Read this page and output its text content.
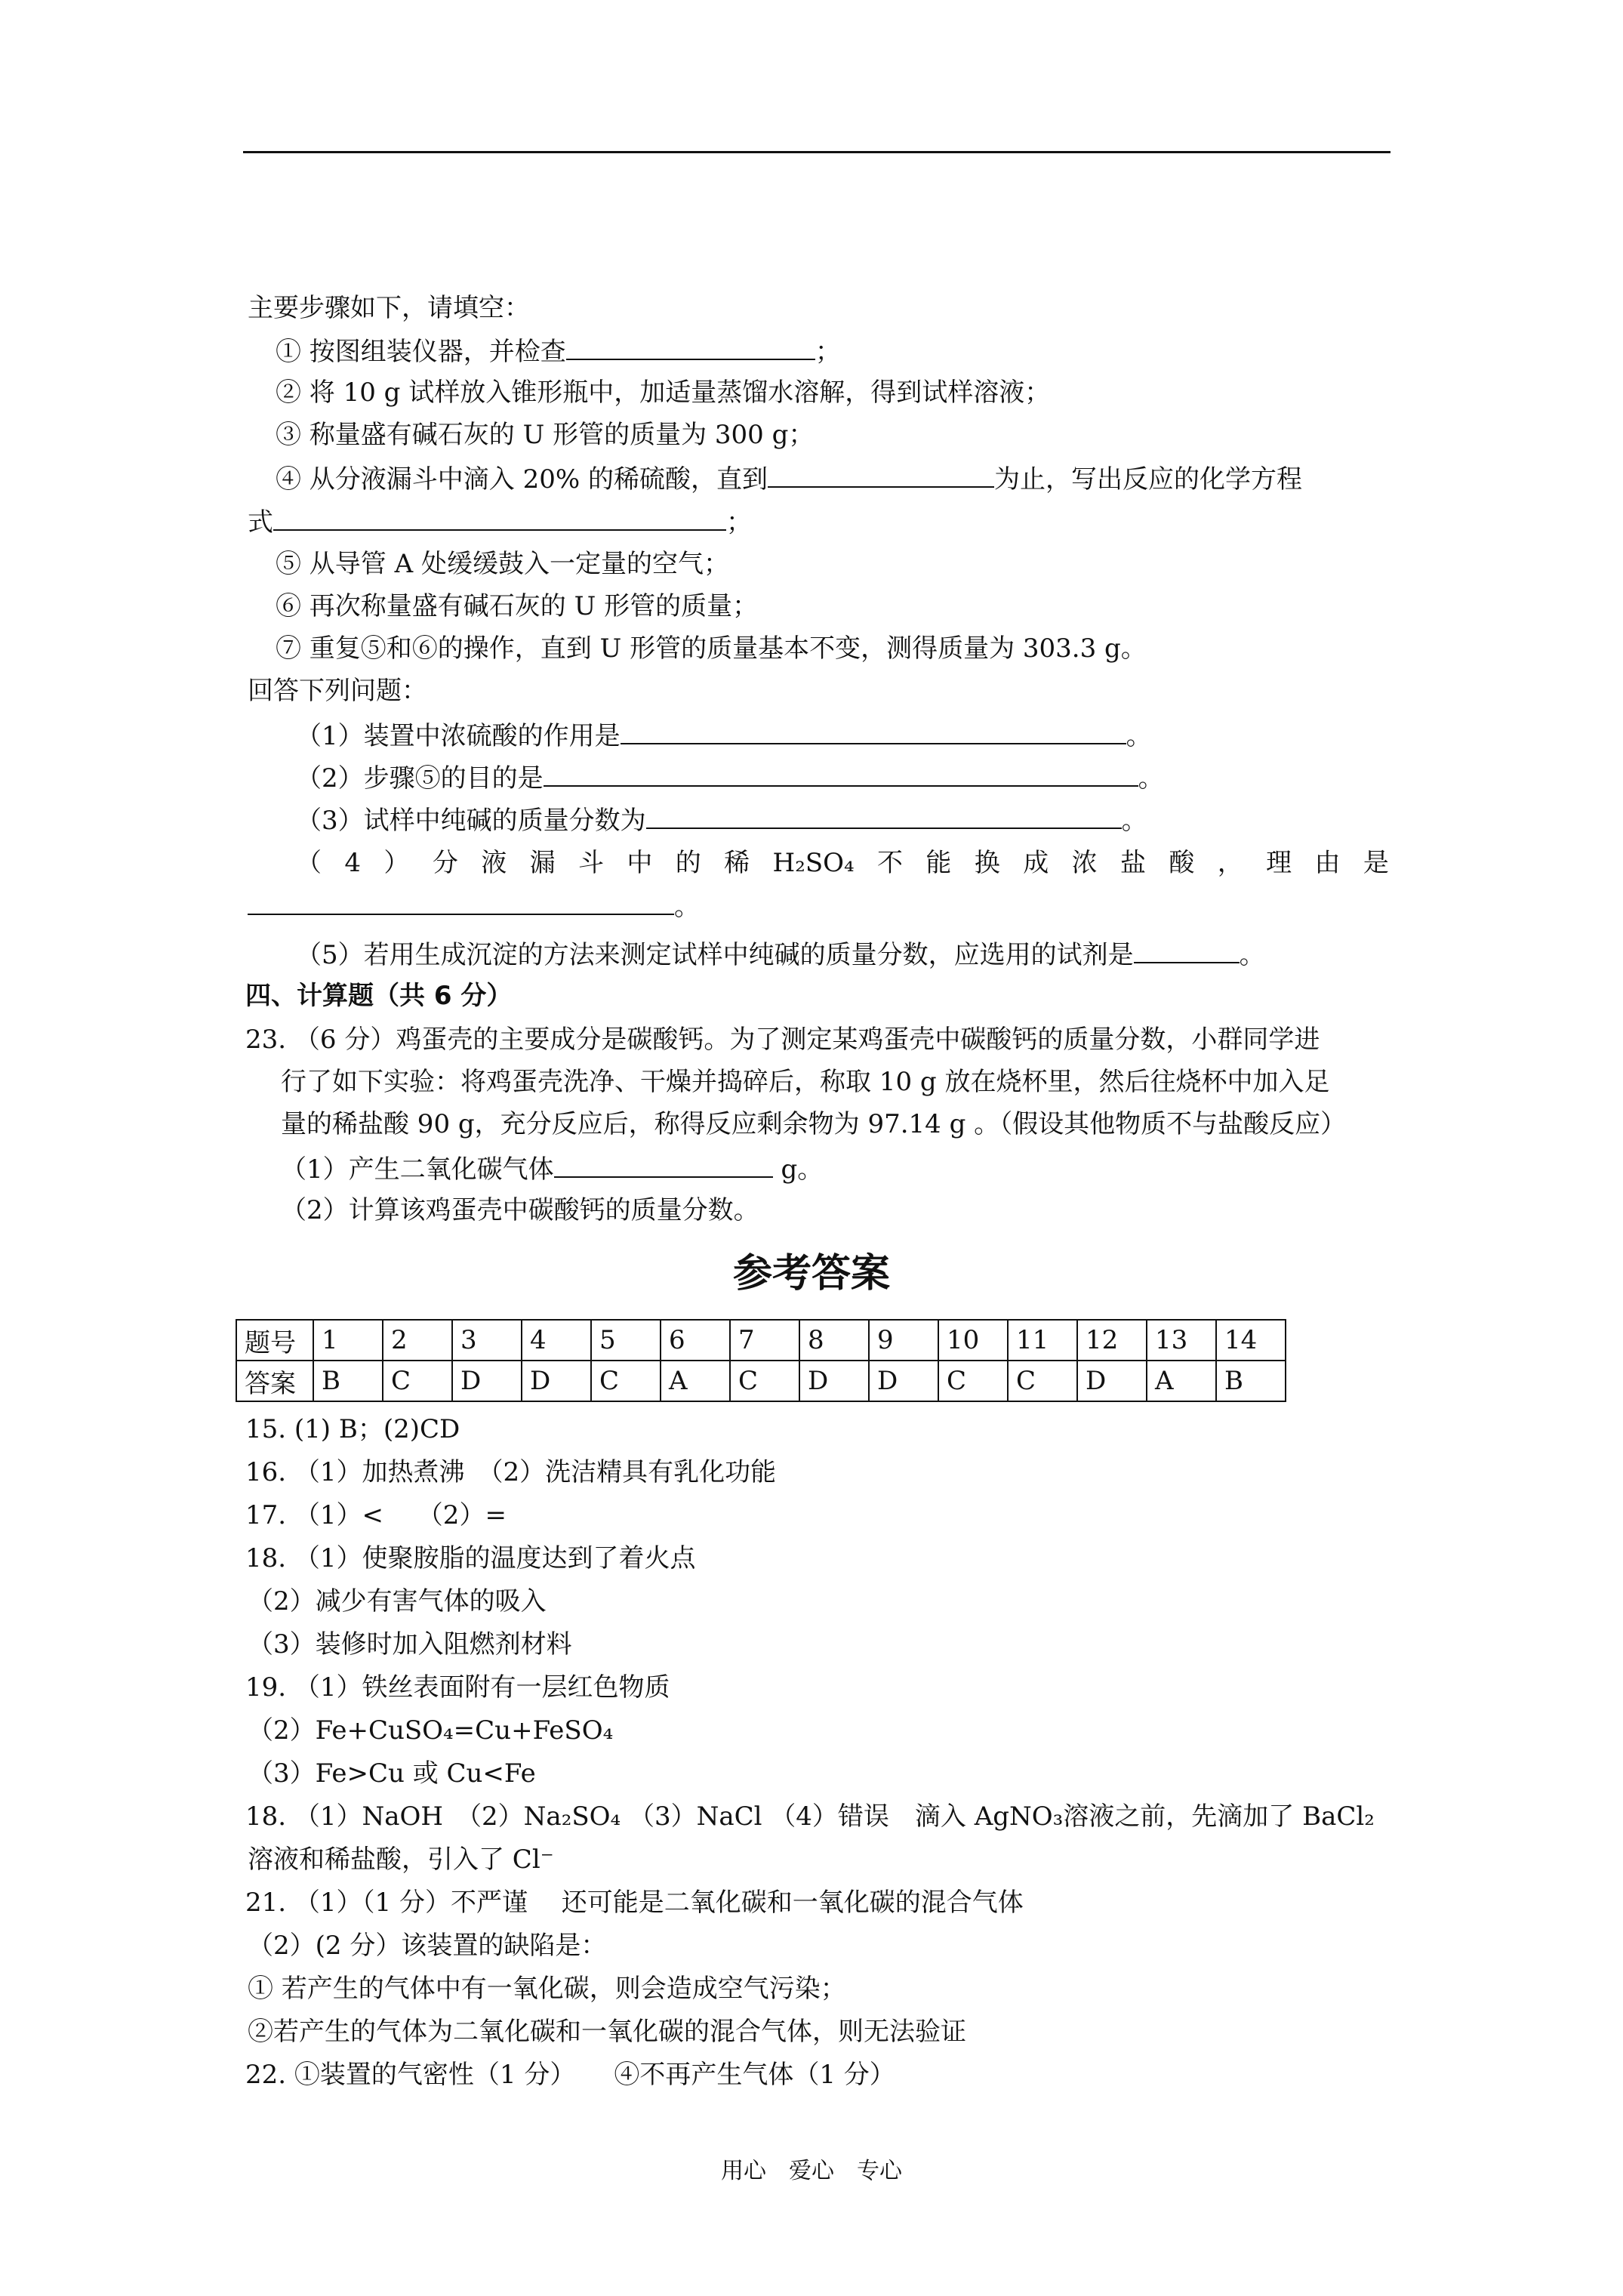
主要步骤如下，请填空：
① 按图组装仪器，并检查	；
② 将 10 g 试样放入锥形瓶中，加适量蒸馏水溶解，得到试样溶液；
③ 称量盛有碱石灰的 U 形管的质量为 300 g；
④ 从分液漏斗中滴入 20% 的稀硫酸，直到	为止，写出反应的化学方程
式	；
⑤ 从导管 A 处缓缓鼓入一定量的空气；
⑥ 再次称量盛有碱石灰的 U 形管的质量；
⑦ 重复⑤和⑥的操作，直到 U 形管的质量基本不变，测得质量为 303.3 g。
回答下列问题：
（1）装置中浓硫酸的作用是	。
（2）步骤⑤的目的是	。
（3）试样中纯碱的质量分数为	。
（ 4 ） 分 液 漏 斗 中 的 稀 H₂SO₄ 不 能 换 成 浓 盐 酸 ， 理 由 是
。
（5）若用生成沉淀的方法来测定试样中纯碱的质量分数，应选用的试剂是	。
四、计算题（共 6 分）
23. （6 分）鸡蛋壳的主要成分是碳酸钙。为了测定某鸡蛋壳中碳酸钙的质量分数，小群同学进
行了如下实验：将鸡蛋壳洗净、干燥并捣碎后，称取 10 g 放在烧杯里，然后往烧杯中加入足
量的稀盐酸 90 g，充分反应后，称得反应剩余物为 97.14 g 。（假设其他物质不与盐酸反应）
（1）产生二氧化碳气体	g。
（2）计算该鸡蛋壳中碳酸钙的质量分数。
参考答案
题号	1	2	3	4	5	6	7	8	9	10	11	12	13	14
答案	B	C	D	D	C	A	C	D	D	C	C	D	A	B
15. (1) B；(2)CD
16. （1）加热煮沸　（2）洗洁精具有乳化功能
17. （1）<　 （2）=
18. （1）使聚胺脂的温度达到了着火点
（2）减少有害气体的吸入
（3）装修时加入阻燃剂材料
19. （1）铁丝表面附有一层红色物质
（2）Fe+CuSO₄=Cu+FeSO₄
（3）Fe>Cu 或 Cu<Fe
18. （1）NaOH　（2）Na₂SO₄ （3）NaCl （4）错误　滴入 AgNO₃溶液之前，先滴加了 BaCl₂
溶液和稀盐酸，引入了 Cl⁻
21. （1）（1 分）不严谨　 还可能是二氧化碳和一氧化碳的混合气体
（2）(2 分）该装置的缺陷是：
① 若产生的气体中有一氧化碳，则会造成空气污染；
②若产生的气体为二氧化碳和一氧化碳的混合气体，则无法验证
22. ①装置的气密性（1 分）　　④不再产生气体（1 分）
用心　爱心　专心
